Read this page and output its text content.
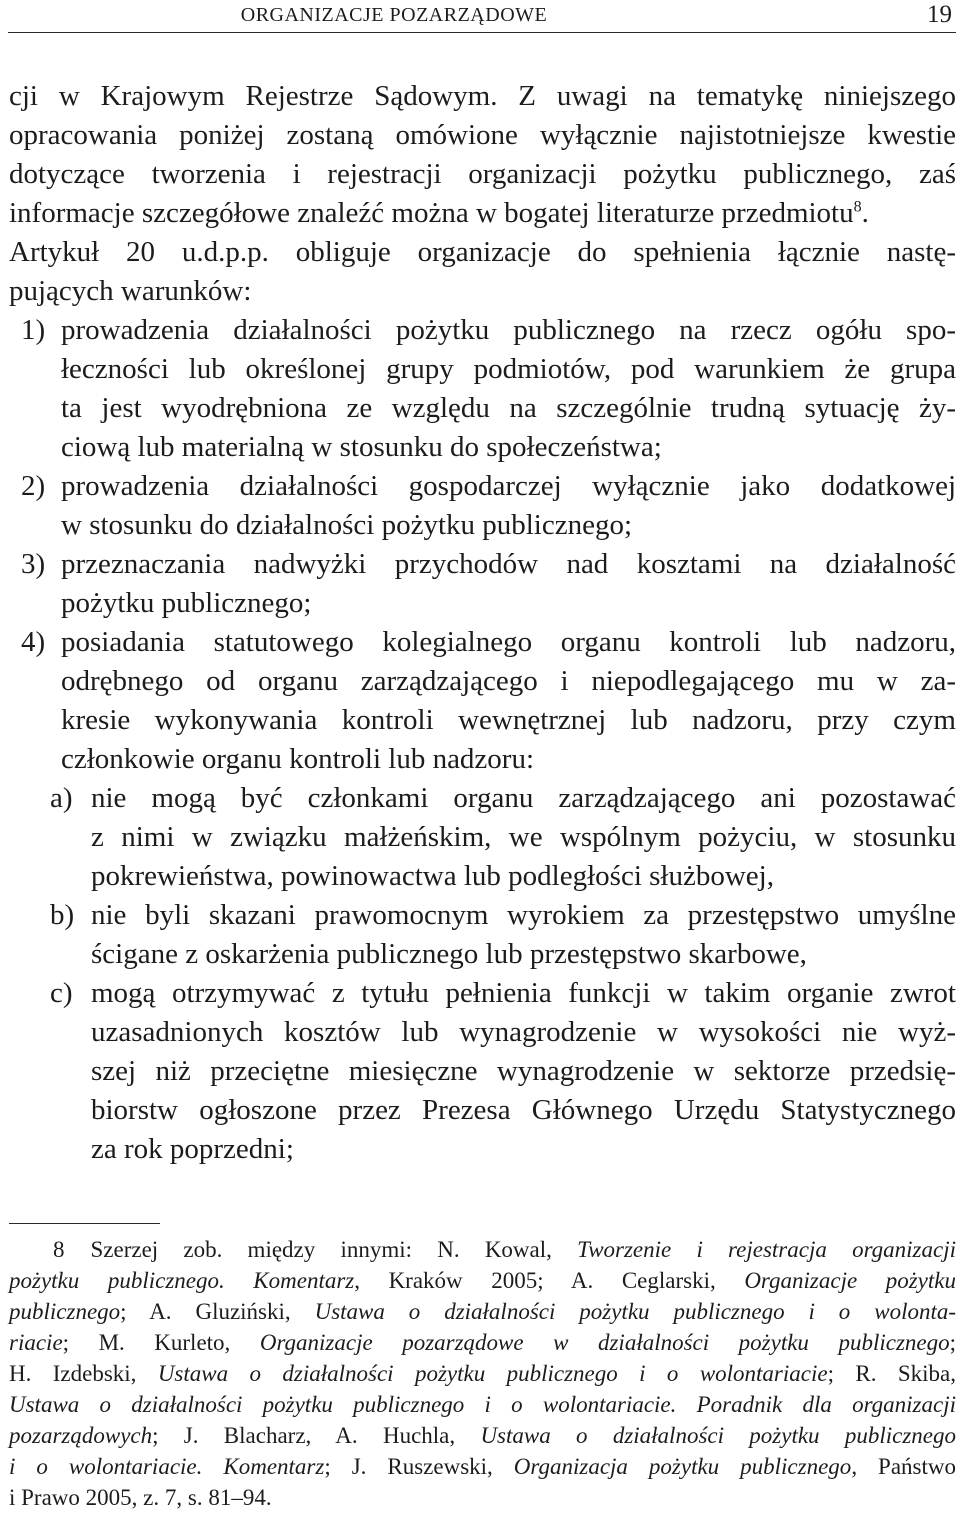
ORGANIZACJE POZARZĄDOWE	19
cji w Krajowym Rejestrze Sądowym. Z uwagi na tematykę niniejszego
opracowania poniżej zostaną omówione wyłącznie najistotniejsze kwestie
dotyczące tworzenia i rejestracji organizacji pożytku publicznego, zaś
informacje szczegółowe znaleźć można w bogatej literaturze przedmiotu$^8$.
Artykuł 20 u.d.p.p. obliguje organizacje do spełnienia łącznie nastę-
pujących warunków:
1) prowadzenia działalności pożytku publicznego na rzecz ogółu spo-
łeczności lub określonej grupy podmiotów, pod warunkiem że grupa
ta jest wyodrębniona ze względu na szczególnie trudną sytuację ży-
ciową lub materialną w stosunku do społeczeństwa;
2) prowadzenia działalności gospodarczej wyłącznie jako dodatkowej
w stosunku do działalności pożytku publicznego;
3) przeznaczania nadwyżki przychodów nad kosztami na działalność
pożytku publicznego;
4) posiadania statutowego kolegialnego organu kontroli lub nadzoru,
odrębnego od organu zarządzającego i niepodlegającego mu w za-
kresie wykonywania kontroli wewnętrznej lub nadzoru, przy czym
członkowie organu kontroli lub nadzoru:
a) nie mogą być członkami organu zarządzającego ani pozostawać
z nimi w związku małżeńskim, we wspólnym pożyciu, w stosunku
pokrewieństwa, powinowactwa lub podległości służbowej,
b) nie byli skazani prawomocnym wyrokiem za przestępstwo umyślne
ścigane z oskarżenia publicznego lub przestępstwo skarbowe,
c) mogą otrzymywać z tytułu pełnienia funkcji w takim organie zwrot
uzasadnionych kosztów lub wynagrodzenie w wysokości nie wyż-
szej niż przeciętne miesięczne wynagrodzenie w sektorze przedsię-
biorstw ogłoszone przez Prezesa Głównego Urzędu Statystycznego
za rok poprzedni;
8 Szerzej zob. między innymi: N. Kowal, Tworzenie i rejestracja organizacji
pożytku publicznego. Komentarz, Kraków 2005; A. Ceglarski, Organizacje pożytku
publicznego; A. Gluziński, Ustawa o działalności pożytku publicznego i o wolonta-
riacie; M. Kurleto, Organizacje pozarządowe w działalności pożytku publicznego;
H. Izdebski, Ustawa o działalności pożytku publicznego i o wolontariacie; R. Skiba,
Ustawa o działalności pożytku publicznego i o wolontariacie. Poradnik dla organizacji
pozarządowych; J. Blacharz, A. Huchla, Ustawa o działalności pożytku publicznego
i o wolontariacie. Komentarz; J. Ruszewski, Organizacja pożytku publicznego, Państwo
i Prawo 2005, z. 7, s. 81–94.
